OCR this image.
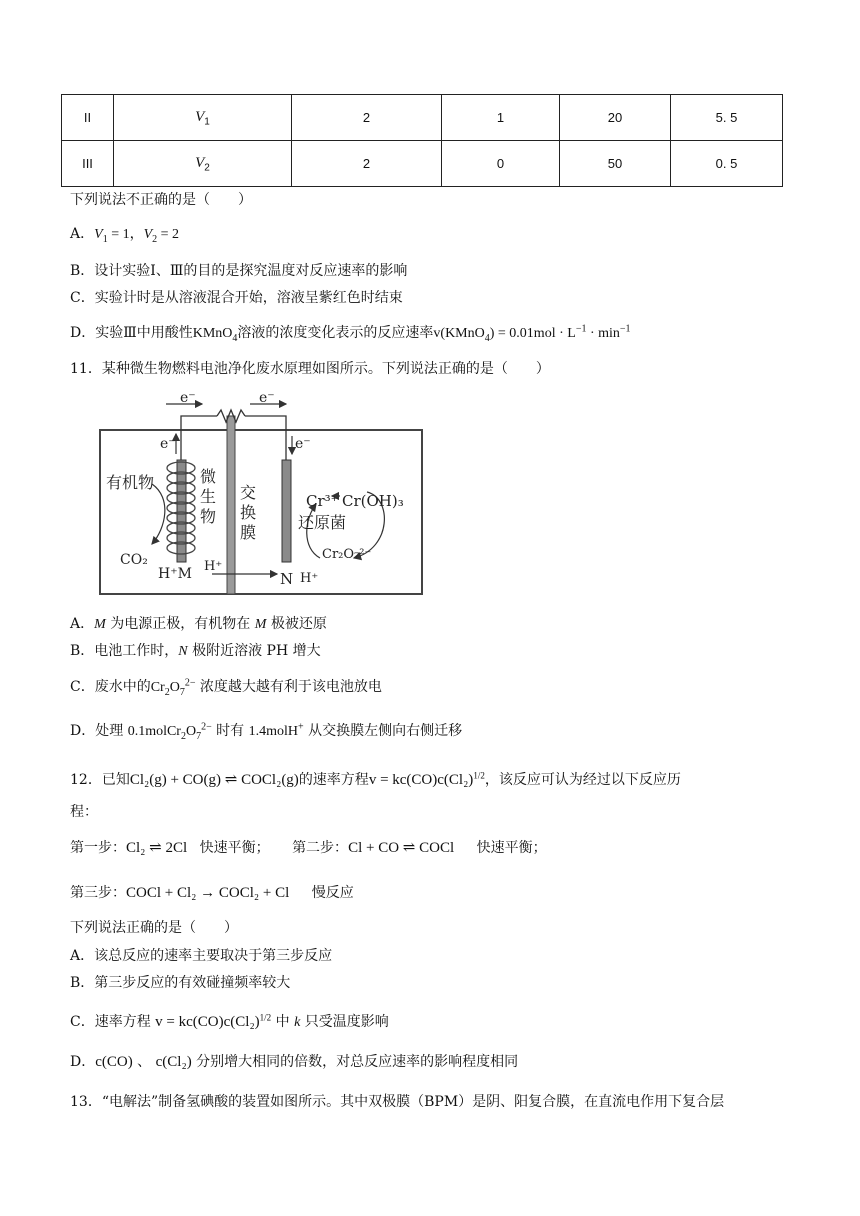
II	$V_1$	2	1	20	5. 5
III	$V_2$	2	0	50	0. 5
下列说法不正确的是（　　）
A．$V_1 = 1$，$V_2 = 2$
B．设计实验Ⅰ、Ⅲ的目的是探究温度对反应速率的影响
C．实验计时是从溶液混合开始，溶液呈紫红色时结束
D．实验Ⅲ中用酸性KMnO$_4$溶液的浓度变化表示的反应速率v(KMnO$_4$) = $0.01mol \cdot L^{-1} \cdot \min^{-1}$
11．某种微生物燃料电池净化废水原理如图所示。下列说法正确的是（　　）
e⁻	e⁻
e⁻	e⁻
有机物	微
生
物
交
换
膜
Cr³⁺ Cr(OH)₃
还原菌
Cr₂O₇²⁻
CO₂
H⁺M H⁺
N H⁺
A．M 为电源正极，有机物在 M 极被还原
B．电池工作时，N 极附近溶液 PH 增大
C．废水中的$Cr_2O_7^{2-}$ 浓度越大越有利于该电池放电
D．处理 $0.1molCr_2O_7^{2-}$ 时有 1.4molH+ 从交换膜左侧向右侧迁移
12．已知Cl₂(g) + CO(g) ⇌ COCl₂(g)的速率方程$v = kc(CO)c(Cl_2)^{1/2}$，该反应可认为经过以下反应历
程：
第一步：Cl₂ ⇌ 2Cl 快速平衡； 第二步：Cl + CO ⇌ COCl 快速平衡；
第三步：COCl + Cl₂ → COCl₂ + Cl 慢反应
下列说法正确的是（　　）
A．该总反应的速率主要取决于第三步反应
B．第三步反应的有效碰撞频率较大
C．速率方程 $v = kc(CO)c(Cl_2)^{1/2}$ 中 k 只受温度影响
D．c(CO) 、 c(Cl₂) 分别增大相同的倍数，对总反应速率的影响程度相同
13．“电解法”制备氢碘酸的装置如图所示。其中双极膜（BPM）是阴、阳复合膜，在直流电作用下复合层
